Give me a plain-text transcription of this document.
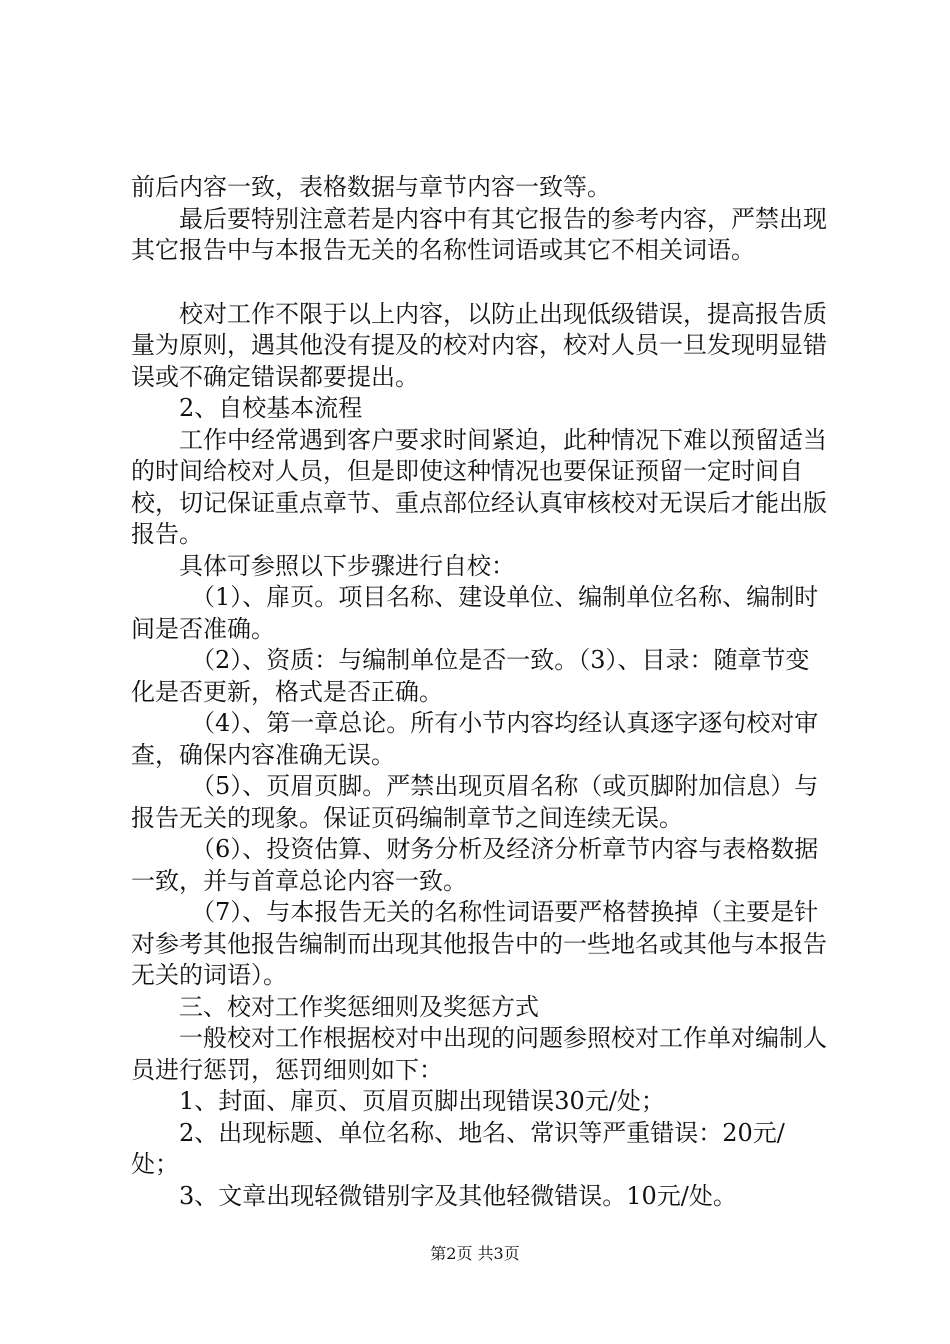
前后内容一致，表格数据与章节内容一致等。

最后要特别注意若是内容中有其它报告的参考内容，严禁出现其它报告中与本报告无关的名称性词语或其它不相关词语。

校对工作不限于以上内容，以防止出现低级错误，提高报告质量为原则，遇其他没有提及的校对内容，校对人员一旦发现明显错误或不确定错误都要提出。

2、自校基本流程

工作中经常遇到客户要求时间紧迫，此种情况下难以预留适当的时间给校对人员，但是即使这种情况也要保证预留一定时间自校，切记保证重点章节、重点部位经认真审核校对无误后才能出版报告。

具体可参照以下步骤进行自校：

（1）、扉页。项目名称、建设单位、编制单位名称、编制时间是否准确。

（2）、资质：与编制单位是否一致。（3）、目录：随章节变化是否更新，格式是否正确。

（4）、第一章总论。所有小节内容均经认真逐字逐句校对审查，确保内容准确无误。

（5）、页眉页脚。严禁出现页眉名称（或页脚附加信息）与报告无关的现象。保证页码编制章节之间连续无误。

（6）、投资估算、财务分析及经济分析章节内容与表格数据一致，并与首章总论内容一致。

（7）、与本报告无关的名称性词语要严格替换掉（主要是针对参考其他报告编制而出现其他报告中的一些地名或其他与本报告无关的词语）。

三、校对工作奖惩细则及奖惩方式

一般校对工作根据校对中出现的问题参照校对工作单对编制人员进行惩罚，惩罚细则如下：

1、封面、扉页、页眉页脚出现错误30元/处；

2、出现标题、单位名称、地名、常识等严重错误：20元/处；

3、文章出现轻微错别字及其他轻微错误。10元/处。

第2页 共3页
